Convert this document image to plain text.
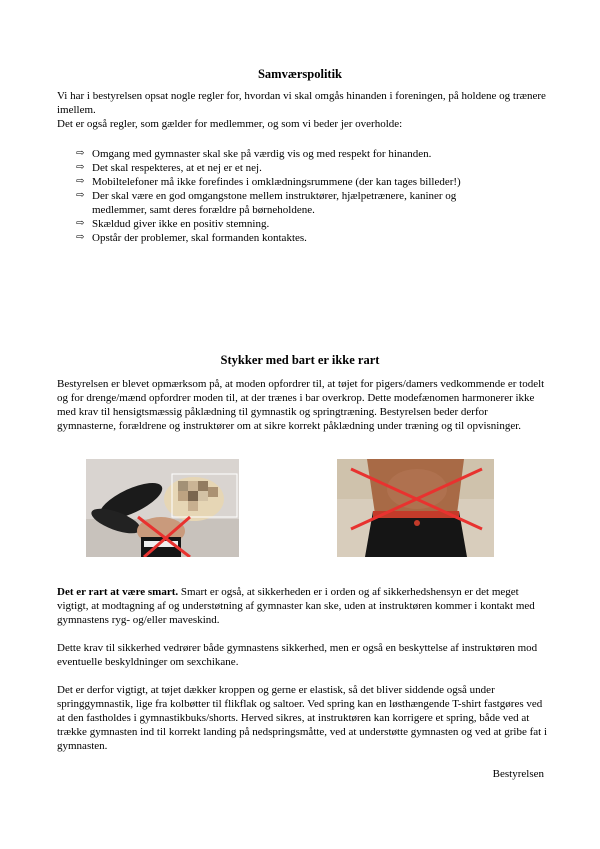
Samværspolitik

Vi har i bestyrelsen opsat nogle regler for, hvordan vi skal omgås hinanden i foreningen, på holdene og trænere imellem.

Det er også regler, som gælder for medlemmer, og som vi beder jer overholde:

⇨ Omgang med gymnaster skal ske på værdig vis og med respekt for hinanden.
⇨ Det skal respekteres, at et nej er et nej.
⇨ Mobiltelefoner må ikke forefindes i omklædningsrummene (der kan tages billeder!)
⇨ Der skal være en god omgangstone mellem instruktører, hjælpetrænere, kaniner og medlemmer, samt deres forældre på børneholdene.
⇨ Skældud giver ikke en positiv stemning.
⇨ Opstår der problemer, skal formanden kontaktes.
Stykker med bart er ikke rart

Bestyrelsen er blevet opmærksom på, at moden opfordrer til, at tøjet for pigers/damers vedkommende er todelt og for drenge/mænd opfordrer moden til, at der trænes i bar overkrop. Dette modefænomen harmonerer ikke med krav til hensigtsmæssig påklædning til gymnastik og springtræning. Bestyrelsen beder derfor gymnasterne, forældrene og instruktører om at sikre korrekt påklædning under træning og til opvisninger.

Det er rart at være smart. Smart er også, at sikkerheden er i orden og af sikkerhedshensyn er det meget vigtigt, at modtagning af og understøtning af gymnaster kan ske, uden at instruktøren kommer i kontakt med gymnastens ryg- og/eller maveskind.

Dette krav til sikkerhed vedrører både gymnastens sikkerhed, men er også en beskyttelse af instruktøren mod eventuelle beskyldninger om sexchikane.

Det er derfor vigtigt, at tøjet dækker kroppen og gerne er elastisk, så det bliver siddende også under springgymnastik, lige fra kolbøtter til flikflak og saltoer. Ved spring kan en løsthængende T-shirt fastgøres ved at den fastholdes i gymnastikbuks/shorts. Herved sikres, at instruktøren kan korrigere et spring, både ved at trække gymnasten ind til korrekt landing på nedspringsmåtte, ved at understøtte gymnasten og ved at gribe fat i gymnasten.

Bestyrelsen
